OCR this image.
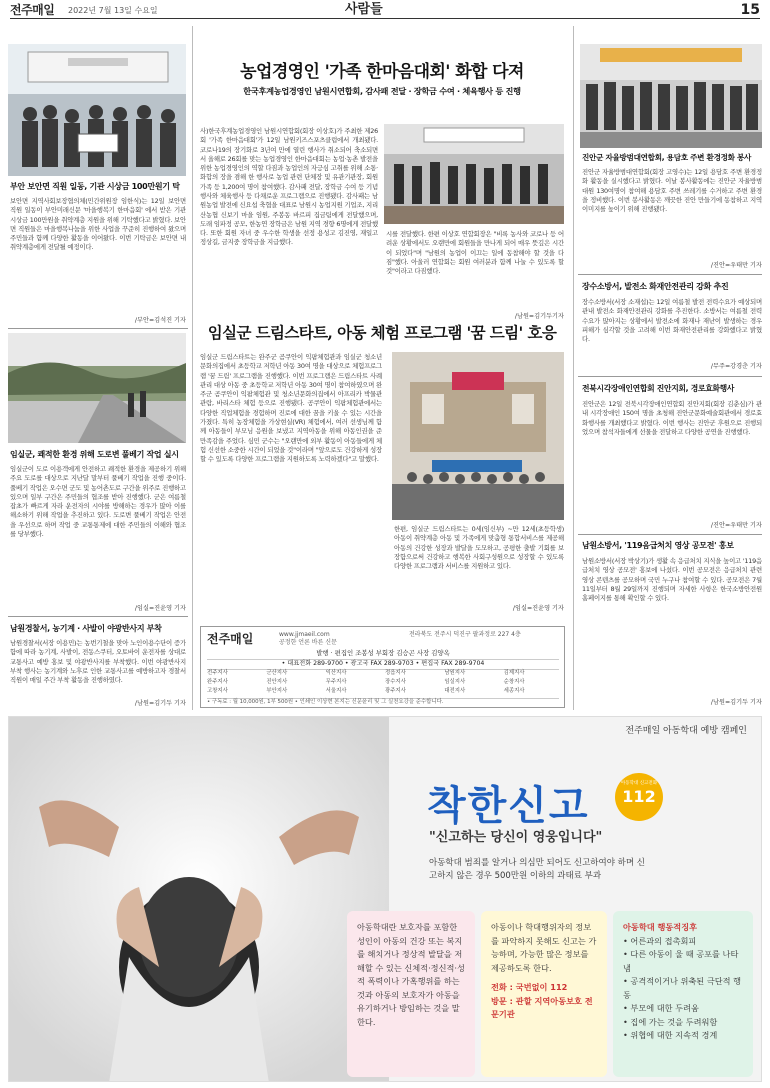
전주매일 2022년 7월 13일 수요일	사람들	15
부안 보안면 직원 일동, 기관 시상금 100만원기 탁
보안면 지역사회보장협의체(민간위원장 임한식)는 12일 보안면 직원 일동이 부안미래신문 '마을행복기 한마음회' 에서 받은 기관 시상금 100만원을 취약계층 지원을 위해 기탁했다고 밝혔다. 보안면 직원들은 마을행복나눔을 위한 사업을 꾸준히 진행하여 왔으며 주민들과 함께 다양한 활동을 이어왔다. 이번 기탁금은 보안면 내 취약계층에게 전달될 예정이다.
/부안=김석진 기자
임실군, 쾌적한 환경 위해 도로변 풀베기 작업 실시
임실군이 도로 이용객에게 안전하고 쾌적한 환경을 제공하기 위해 주요 도로를 대상으로 지난달 말부터 풀베기 작업을 진행 중이다. 풀베기 작업은 오수면 군도 및 농어촌도로 구간을 위주로 진행하고 있으며 일부 구간은 주민들의 협조를 받아 진행했다. 군은 여름철 잡초가 빠르게 자라 운전자의 시야를 방해하는 경우가 많아 이를 해소하기 위해 작업을 추진하고 있다. 도로변 풀베기 작업은 안전을 우선으로 하며 작업 중 교통통제에 대한 주민들의 이해와 협조를 당부했다.
/임실=진윤영 기자
남원경찰서, 농기계 · 사발이 야광반사지 부착
남원경찰서(서장 이용민)는 농번기철을 맞아 노인이용수단이 증가함에 따라 농기계, 사발이, 전동스쿠터, 오토바이 운전자를 상대로 교통사고 예방 홍보 및 야광반사지를 부착했다. 이번 야광반사지 부착 행사는 농기계와 노후로 인한 교통사고를 예방하고자 경찰서 직원이 매일 주간 부착 활동을 진행하였다.
/남원=김기두 기자
농업경영인 '가족 한마음대회' 화합 다져
한국후계농업경영인 남원시연합회, 감사패 전달 · 장학금 수여 · 체육행사 등 진행
사)한국후계농업경영인 남원시연합회(회장 이상호)가 주최한 제26회 '가족 한마음대회'가 12일 남원키즈스포츠클럽에서 개최됐다. 코로나19의 장기화로 3년여 만에 열린 행사가 취소되어 축소되면서 올해로 26회를 맞는 농업경영인 한마음대회는 농업·농촌 발전을 위한 농업경영인의 역할 다짐과 농업인의 자긍심 고취를 위해 소통·화합의 장을 겸해 한 행사로 농업 관련 단체장 및 유관기관장, 회원가족 등 1,200여 명이 참여했다. 감사패 전달, 장학금 수여 등 기념행사와 체육행사 등 다채로운 프로그램으로 진행됐다. 감사패는 남원농업 발전에 신요섭 축협을 대표로 남원시 농업지원 기업조, 지리산농협 신보기 마을 임원, 주봉동 바르피 집금팀에게 전달했으며, 도래 임파정 공모, 한농연 장학금은 남원 지역 경향 6명에게 전달했다. 또한 회원 자녀 중 우수한 학생을 선정 용성고 김진영, 재일고 정상길, 금지중 장학금을 지급했다.
시를 전달했다. 한편 이상호 연합회장은 "비록 농사와 코로나 등 어려운 상황에서도 오랜만에 회원들을 만나게 되어 매우 뜻깊은 시간이 되었다"며 "남원의 농업이 이끄는 일에 동참해야 할 것을 다짐"했다. 아울러 연합회는 회원 여러분과 함께 나눌 수 있도록 할 것"이라고 다짐했다.
/남원=김기두기자
임실군 드림스타트, 아동 체험 프로그램 '꿈 드림' 호응
임실군 드림스타트는 완주군 곰쿠안이 익팜체험관과 임실군 청소년문화의집에서 초등학교 저학년 아동 30여 명을 대상으로 체험프로그램 '꿈 드림' 프로그램을 진행했다. 이번 프로그램은 드림스타트 사례관리 대상 아동 중 초등학교 저학년 아동 30여 명이 참여하였으며 완주군 곰쿠안이 익팜체험관 및 청소년문화의집에서 아프리카 박물관 관람, 바리스타 체험 등으로 진행됐다. 공쿠안이 익팜체험관에서는 다양한 직업체험을 경험하며 진로에 대한 꿈을 키울 수 있는 시간을 가졌다. 특히 농장체험을 가상현실(VR) 체험에서, 여러 선생님께 함께 아동들이 부모님 응원을 보냈고 지역아동을 위해 아동인권을 준 만족감을 주었다. 심민 군수는 "오랜만에 외부 활동이 아동들에게 체험 신선한 소중한 시간이 되었을 것"이라며 "앞으로도 건강하게 성장할 수 있도록 다양한 프로그램을 지원하도록 노력하겠다"고 말했다.
한편, 임실군 드림스타트는 0세(임신부) ~만 12세(초등학생) 아동이 취약계층 아동 및 가족에게 맞춤형 통합서비스를 제공해 아동의 건강한 성장과 발달을 도모하고, 공평한 출발 기회를 보장함으로써 건강하고 행복한 사회구성원으로 성장할 수 있도록 다양한 프로그램과 서비스를 지원하고 있다.
/임실=진윤영 기자
전주매일	www.jjmaeil.com
공정한 언론 바른 신문
전라북도 전주시 덕진구 팔과정로 227 4층
발행 · 편집인 조봉성 부회장 김승곤 사장 김양옥
• 대표전화 289-9700 • 광고국 FAX 289-9703 • 편집국 FAX 289-9704
전주지사	군산지사	익산지사	정읍지사	남원지사	김제지사
완주지사	진안지사	무주지사	장수지사	임실지사	순창지사
고창지사	부안지사	서울지사	광주지사	대전지사	세종지사
• 구독료 : 월 10,000원, 1부 500원 • 인쇄인 이상현 본지는 신문윤리 및 그 실천요강을 준수합니다.
진안군 자율방범대연합회, 용담호 주변 환경정화 봉사
진안군 자율방범대연합회(회장 고영수)는 12일 용담호 주변 환경정화 활동을 실시했다고 밝혔다. 이날 봉사활동에는 진안군 자율방범대원 130여명이 참여해 용담호 주변 쓰레기를 수거하고 주변 환경을 정비했다. 이번 봉사활동은 깨끗한 진안 만들기에 동참하고 지역 이미지를 높이기 위해 진행됐다.
/진안=우태만 기자
장수소방서, 발전소 화재안전관리 강화 추진
장수소방서(서장 소재섭)는 12일 여름철 발전 전력수요가 예상되며 관내 발전소 화재안전관리 강화를 추진한다. 소방서는 여름철 전력 수요가 많아지는 상황에서 발전소에 화재나 재난이 발생하는 경우 피해가 심각할 것을 고려해 이번 화재안전관리를 강화했다고 밝혔다.
/무주=강경춘 기자
전북시각장애인연합회 진안지회, 경로효화행사
진안군은 12일 전북시각장애인연합회 진안지회(회장 김춘심)가 관내 시각장애인 150여 명을 초청해 진안군문화예술회관에서 경로효화행사를 개최했다고 밝혔다. 이번 행사는 진안군 후원으로 진행되었으며 참석자들에게 선물을 전달하고 다양한 공연을 진행했다.
/진안=우태만 기자
남원소방서, '119음급처치 영상 공모전' 홍보
남원소방서(서장 박상기)가 생활 속 응급처치 지식을 높이고 '119음급처치 영상 공모전' 홍보에 나섰다. 이번 공모전은 응급처치 관련 영상 콘텐츠를 공모하며 국민 누구나 참여할 수 있다. 공모전은 7월 11일부터 8월 29일까지 진행되며 자세한 사항은 한국소방안전원 홈페이지를 통해 확인할 수 있다.
/남원=김기두 기자
전주매일 아동학대 예방 캠페인
착한신고	아동학대 신고전화
112
"신고하는 당신이 영웅입니다"
아동학대 범죄를 알거나 의심만 되어도 신고하여야 하며 신고하지 않은 경우 500만원 이하의 과태료 부과
아동학대란 보호자를 포함한 성인이 아동의 건강 또는 복지를 해치거나 정상적 발달을 저해할 수 있는 신체적·정신적·성적 폭력이나 가혹행위를 하는 것과 아동의 보호자가 아동을 유기하거나 방임하는 것을 말한다.
아동이나 학대행위자의 정보를 파악하지 못해도 신고는 가능하며, 가능한 많은 정보를 제공하도록 한다.
전화 : 국번없이 112
방문 : 관할 지역아동보호 전문기관
아동학대 행동적징후
• 어른과의 접촉회피
• 다른 아동이 울 때 공포를 나타냄
• 공격적이거나 위축된 극단적 행동
• 부모에 대한 두려움
• 집에 가는 것을 두려워함
• 위협에 대한 지속적 경계
